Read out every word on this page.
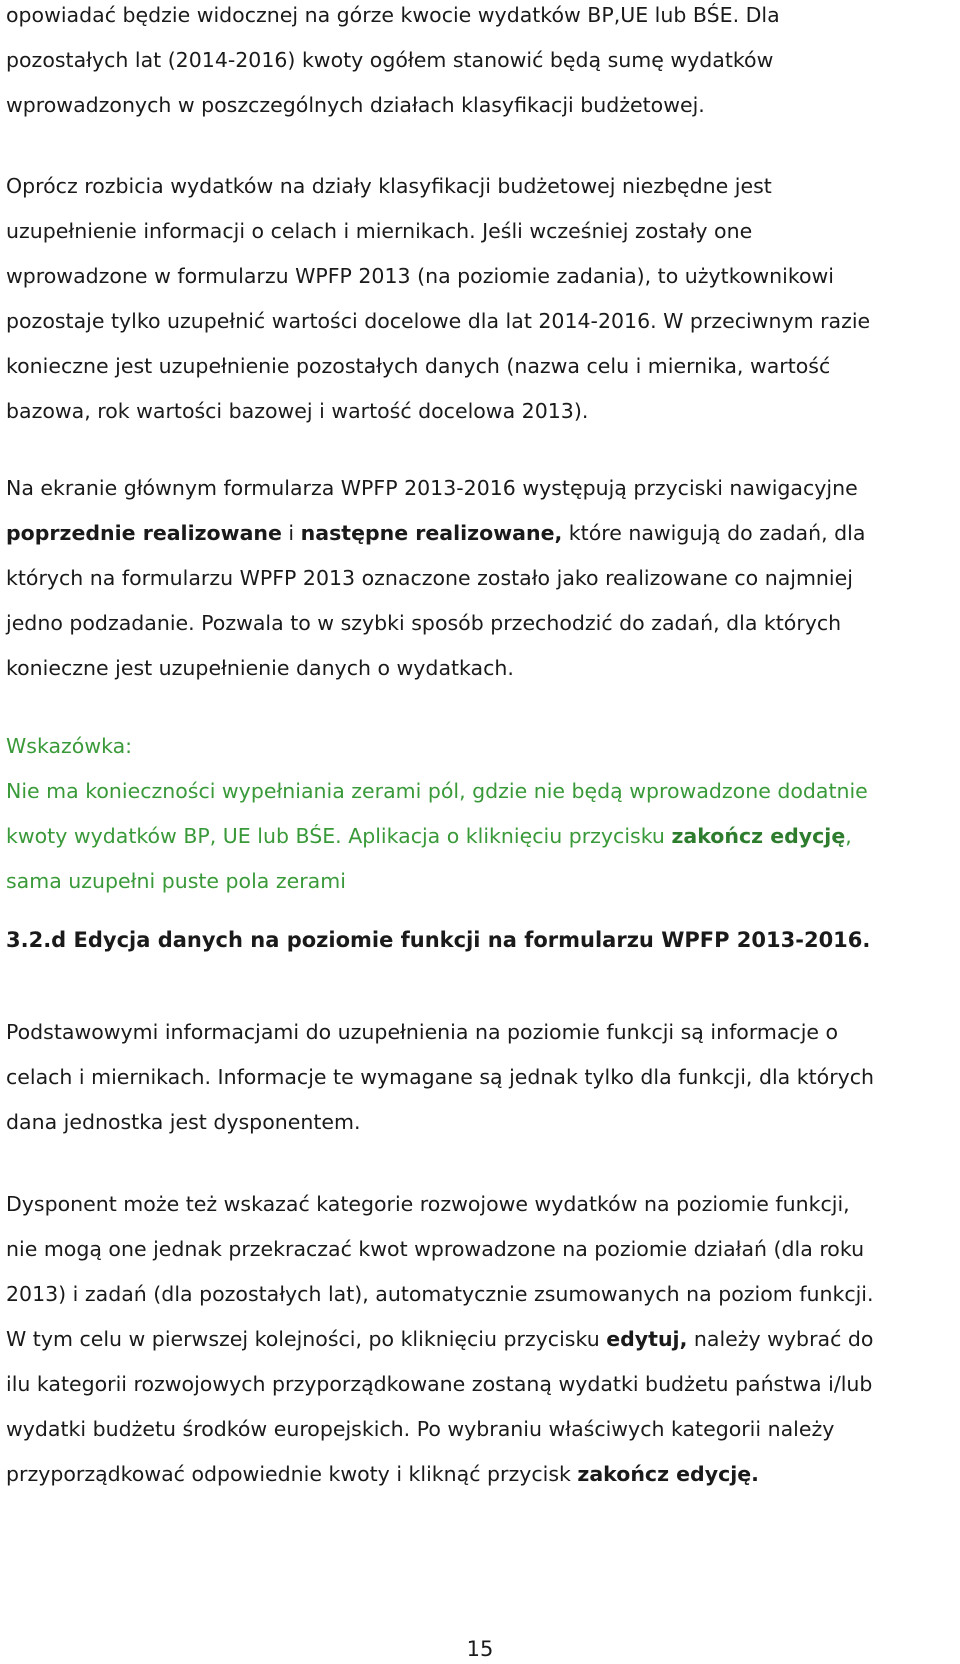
opowiadać będzie widocznej na górze kwocie wydatków BP,UE lub BŚE. Dla

pozostałych lat (2014-2016) kwoty ogółem stanowić będą sumę wydatków

wprowadzonych w poszczególnych działach klasyfikacji budżetowej.

Oprócz rozbicia wydatków na działy klasyfikacji budżetowej niezbędne jest

uzupełnienie informacji o celach i miernikach. Jeśli wcześniej zostały one

wprowadzone w formularzu WPFP 2013 (na poziomie zadania), to użytkownikowi

pozostaje tylko uzupełnić wartości docelowe dla lat 2014-2016. W przeciwnym razie

konieczne jest uzupełnienie pozostałych danych (nazwa celu i miernika, wartość

bazowa, rok wartości bazowej i wartość docelowa 2013).

Na ekranie głównym formularza WPFP 2013-2016 występują przyciski nawigacyjne

poprzednie realizowane i następne realizowane, które nawigują do zadań, dla

których na formularzu WPFP 2013 oznaczone zostało jako realizowane co najmniej

jedno podzadanie. Pozwala to w szybki sposób przechodzić do zadań, dla których

konieczne jest uzupełnienie danych o wydatkach.

Wskazówka:

Nie ma konieczności wypełniania zerami pól, gdzie nie będą wprowadzone dodatnie

kwoty wydatków BP, UE lub BŚE. Aplikacja o kliknięciu przycisku zakończ edycję,

sama uzupełni puste pola zerami

3.2.d Edycja danych na poziomie funkcji na formularzu WPFP 2013-2016.

Podstawowymi informacjami do uzupełnienia na poziomie funkcji są informacje o

celach i miernikach. Informacje te wymagane są jednak tylko dla funkcji, dla których

dana jednostka jest dysponentem.

Dysponent może też wskazać kategorie rozwojowe wydatków na poziomie funkcji,

nie mogą one jednak przekraczać kwot wprowadzone na poziomie działań (dla roku

2013) i zadań (dla pozostałych lat), automatycznie zsumowanych na poziom funkcji.

W tym celu w pierwszej kolejności, po kliknięciu przycisku edytuj, należy wybrać do

ilu kategorii rozwojowych przyporządkowane zostaną wydatki budżetu państwa i/lub

wydatki budżetu środków europejskich. Po wybraniu właściwych kategorii należy

przyporządkować odpowiednie kwoty i kliknąć przycisk zakończ edycję.

15
